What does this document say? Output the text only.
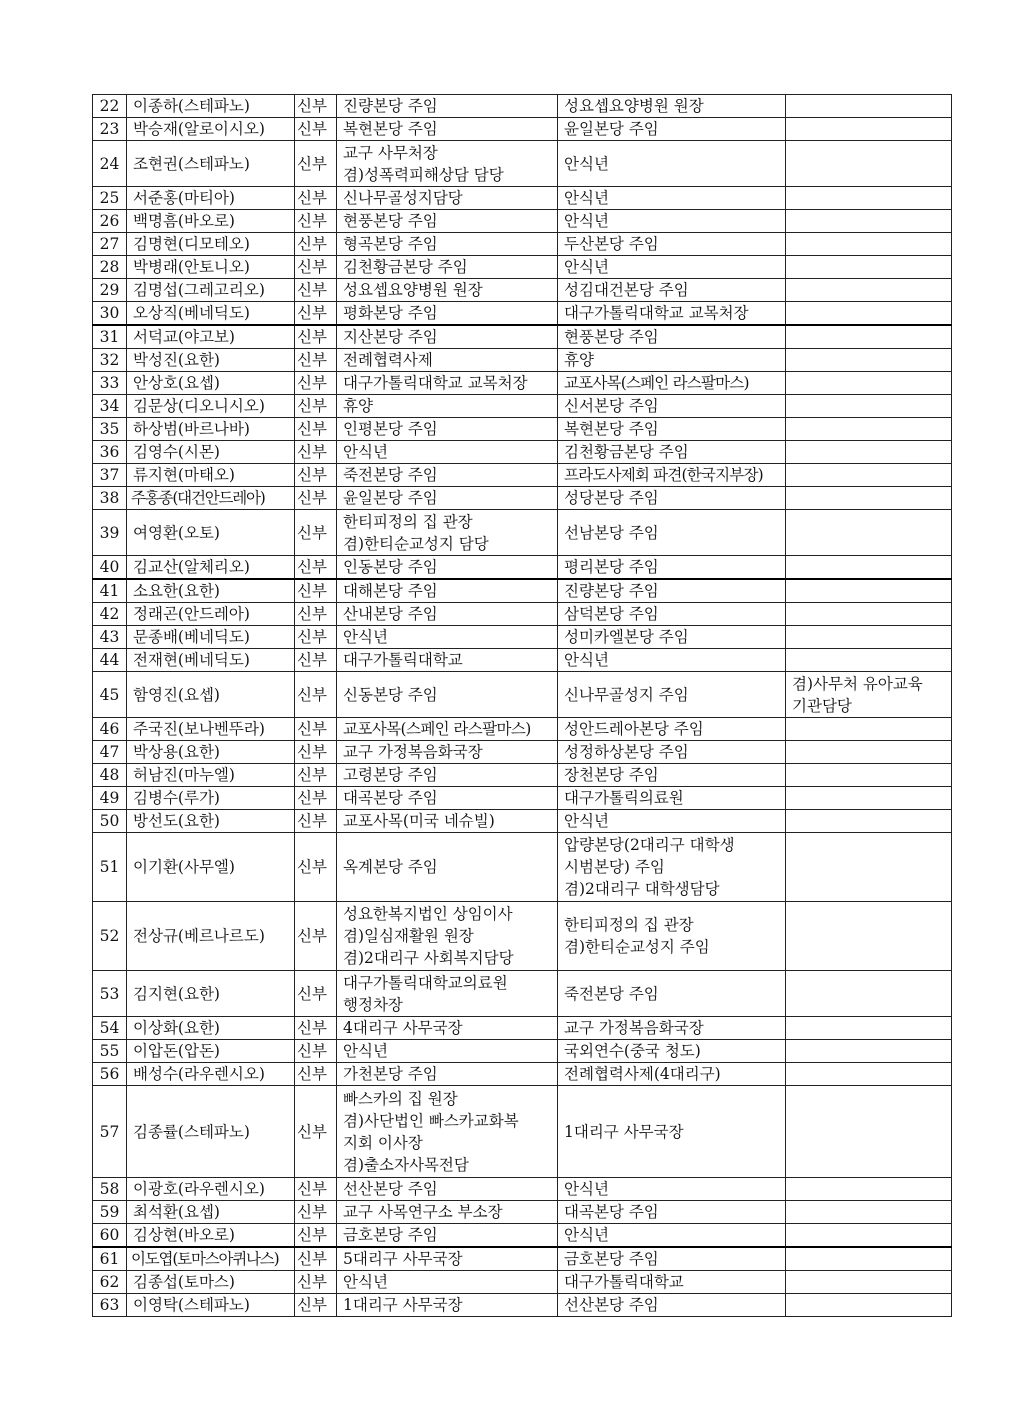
22	이종하(스테파노)	신부	진량본당 주임	성요셉요양병원 원장	

23	박승재(알로이시오)	신부	복현본당 주임	윤일본당 주임	

24	조현권(스테파노)	신부	교구 사무처장
겸)성폭력피해상담 담당	안식년	

25	서준홍(마티아)	신부	신나무골성지담당	안식년	

26	백명흠(바오로)	신부	현풍본당 주임	안식년	

27	김명현(디모테오)	신부	형곡본당 주임	두산본당 주임	

28	박병래(안토니오)	신부	김천황금본당 주임	안식년	

29	김명섭(그레고리오)	신부	성요셉요양병원 원장	성김대건본당 주임	

30	오상직(베네딕도)	신부	평화본당 주임	대구가톨릭대학교 교목처장	

31	서덕교(야고보)	신부	지산본당 주임	현풍본당 주임	

32	박성진(요한)	신부	전례협력사제	휴양	

33	안상호(요셉)	신부	대구가톨릭대학교 교목처장	교포사목(스페인 라스팔마스)	

34	김문상(디오니시오)	신부	휴양	신서본당 주임	

35	하상범(바르나바)	신부	인평본당 주임	복현본당 주임	

36	김영수(시몬)	신부	안식년	김천황금본당 주임	

37	류지현(마태오)	신부	죽전본당 주임	프라도사제회 파견(한국지부장)	

38	주홍종(대건안드레아)	신부	윤일본당 주임	성당본당 주임	

39	여영환(오토)	신부	한티피정의 집 관장
겸)한티순교성지 담당	선남본당 주임	

40	김교산(알체리오)	신부	인동본당 주임	평리본당 주임	

41	소요한(요한)	신부	대해본당 주임	진량본당 주임	

42	정래곤(안드레아)	신부	산내본당 주임	삼덕본당 주임	

43	문종배(베네딕도)	신부	안식년	성미카엘본당 주임	

44	전재현(베네딕도)	신부	대구가톨릭대학교	안식년	

45	함영진(요셉)	신부	신동본당 주임	신나무골성지 주임	겸)사무처 유아교육
기관담당

46	주국진(보나벤뚜라)	신부	교포사목(스페인 라스팔마스)	성안드레아본당 주임	

47	박상용(요한)	신부	교구 가정복음화국장	성정하상본당 주임	

48	허남진(마누엘)	신부	고령본당 주임	장천본당 주임	

49	김병수(루가)	신부	대곡본당 주임	대구가톨릭의료원	

50	방선도(요한)	신부	교포사목(미국 네슈빌)	안식년	

51	이기환(사무엘)	신부	옥계본당 주임	압량본당(2대리구 대학생
시범본당) 주임
겸)2대리구 대학생담당	

52	전상규(베르나르도)	신부	성요한복지법인 상임이사
겸)일심재활원 원장
겸)2대리구 사회복지담당	한티피정의 집 관장
겸)한티순교성지 주임	

53	김지현(요한)	신부	대구가톨릭대학교의료원
행정차장	죽전본당 주임	

54	이상화(요한)	신부	4대리구 사무국장	교구 가정복음화국장	

55	이압돈(압돈)	신부	안식년	국외연수(중국 청도)	

56	배성수(라우렌시오)	신부	가천본당 주임	전례협력사제(4대리구)	

57	김종률(스테파노)	신부	빠스카의 집 원장
겸)사단법인 빠스카교화복
지회 이사장
겸)출소자사목전담	1대리구 사무국장	

58	이광호(라우렌시오)	신부	선산본당 주임	안식년	

59	최석환(요셉)	신부	교구 사목연구소 부소장	대곡본당 주임	

60	김상현(바오로)	신부	금호본당 주임	안식년	

61	이도엽(토마스아퀴나스)	신부	5대리구 사무국장	금호본당 주임	

62	김종섭(토마스)	신부	안식년	대구가톨릭대학교	

63	이영탁(스테파노)	신부	1대리구 사무국장	선산본당 주임	
